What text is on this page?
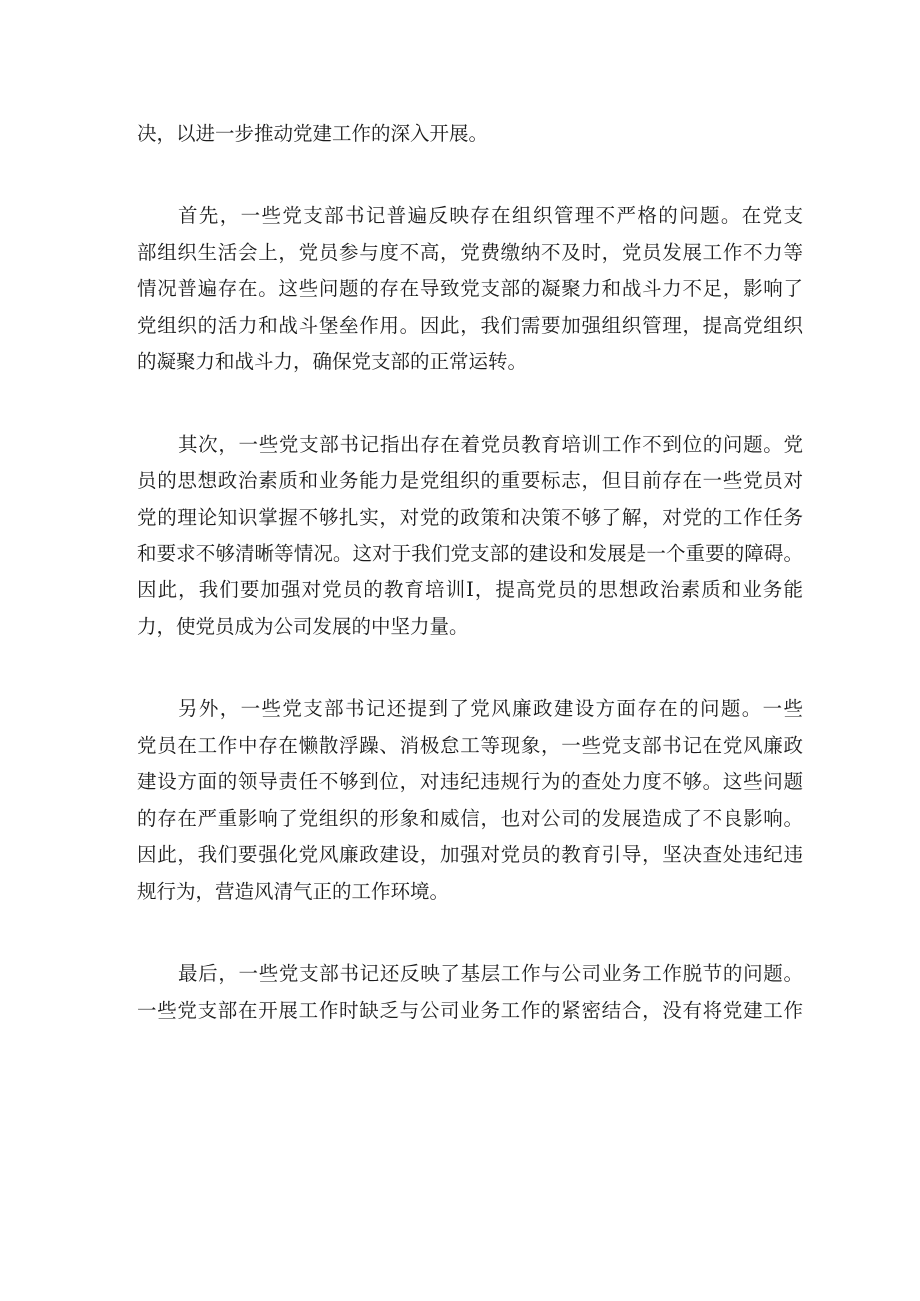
决，以进一步推动党建工作的深入开展。
首先，一些党支部书记普遍反映存在组织管理不严格的问题。在党支
部组织生活会上，党员参与度不高，党费缴纳不及时，党员发展工作不力等
情况普遍存在。这些问题的存在导致党支部的凝聚力和战斗力不足，影响了
党组织的活力和战斗堡垒作用。因此，我们需要加强组织管理，提高党组织
的凝聚力和战斗力，确保党支部的正常运转。
其次，一些党支部书记指出存在着党员教育培训工作不到位的问题。党
员的思想政治素质和业务能力是党组织的重要标志，但目前存在一些党员对
党的理论知识掌握不够扎实，对党的政策和决策不够了解，对党的工作任务
和要求不够清晰等情况。这对于我们党支部的建设和发展是一个重要的障碍。
因此，我们要加强对党员的教育培训Ⅰ，提高党员的思想政治素质和业务能
力，使党员成为公司发展的中坚力量。
另外，一些党支部书记还提到了党风廉政建设方面存在的问题。一些
党员在工作中存在懒散浮躁、消极怠工等现象，一些党支部书记在党风廉政
建设方面的领导责任不够到位，对违纪违规行为的查处力度不够。这些问题
的存在严重影响了党组织的形象和威信，也对公司的发展造成了不良影响。
因此，我们要强化党风廉政建设，加强对党员的教育引导，坚决查处违纪违
规行为，营造风清气正的工作环境。
最后，一些党支部书记还反映了基层工作与公司业务工作脱节的问题。
一些党支部在开展工作时缺乏与公司业务工作的紧密结合，没有将党建工作
